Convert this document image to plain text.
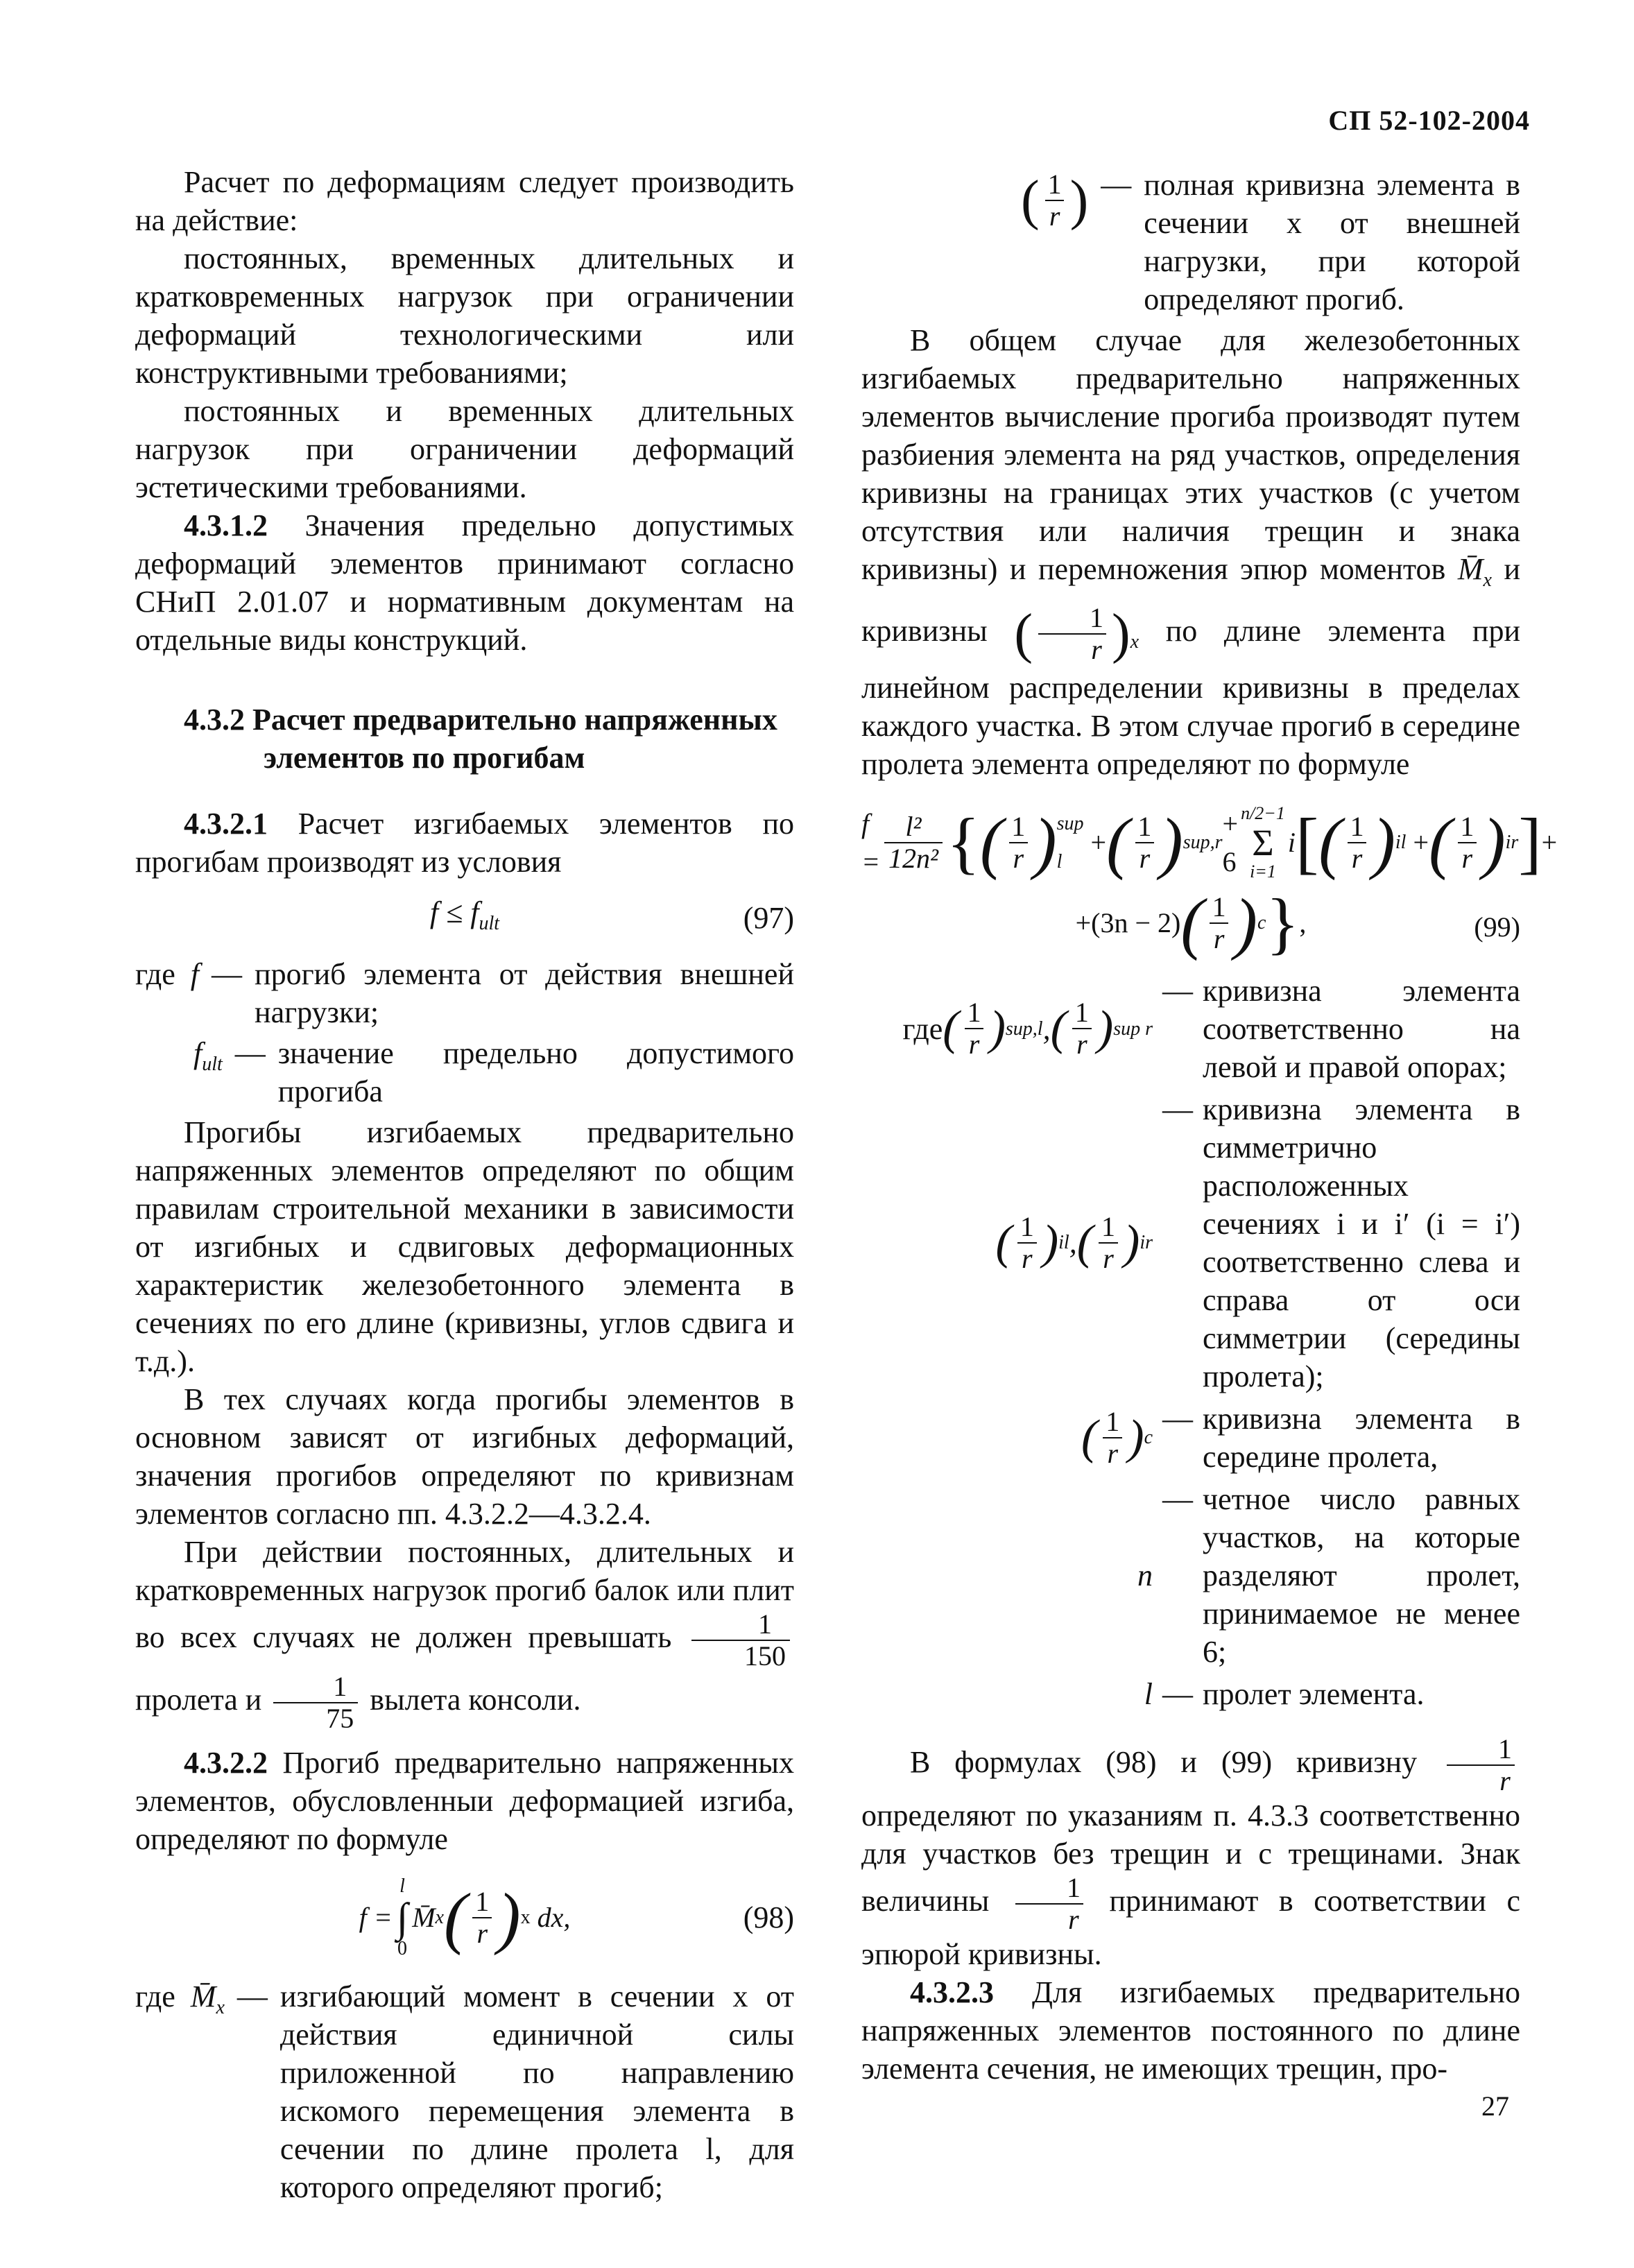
СП 52-102-2004

Расчет по деформациям следует производить на действие:

постоянных, временных длительных и кратковременных нагрузок при ограничении деформаций технологическими или конструктивными требованиями;

постоянных и временных длительных нагрузок при ограничении деформаций эстетическими требованиями.

4.3.1.2 Значения предельно допустимых деформаций элементов принимают согласно СНиП 2.01.07 и нормативным документам на отдельные виды конструкций.

4.3.2 Расчет предварительно напряженных
элементов по прогибам

4.3.2.1 Расчет изгибаемых элементов по прогибам производят из условия

$f \le f_{ult}$	(97)
где f — прогиб элемента от действия внешней нагрузки;
$f_{ult}$ — значение предельно допустимого прогиба

Прогибы изгибаемых предварительно напряженных элементов определяют по общим правилам строительной механики в зависимости от изгибных и сдвиговых деформационных характеристик железобетонного элемента в сечениях по его длине (кривизны, углов сдвига и т.д.).

В тех случаях когда прогибы элементов в основном зависят от изгибных деформаций, значения прогибов определяют по кривизнам элементов согласно пп. 4.3.2.2—4.3.2.4.

При действии постоянных, длительных и кратковременных нагрузок прогиб балок или плит во всех случаях не должен превышать $\frac{1}{150}$
пролета и $\frac{1}{75}$ вылета консоли.

4.3.2.2 Прогиб предварительно напряженных элементов, обусловленныи деформацией изгиба, определяют по формуле

f =
l
∫
0
M̄ x ( $\frac{1}{r}$ ) x
dx,	(98)
где $M̄_x$ — изгибающий момент в сечении x от действия единичной силы приложенной по направлению искомого перемещения элемента в сечении по длине пролета l, для которого определяют прогиб;
( $\frac{1}{r}$ ) — полная кривизна элемента в сечении x от внешней нагрузки, при которой определяют прогиб.

В общем случае для железобетонных изгибаемых предварительно напряженных элементов вычисление прогиба производят путем разбиения элемента на ряд участков, определения кривизны на границах этих участков (с учетом отсутствия или наличия трещин и знака кривизны) и перемножения эпюр моментов $M̄_x$ и кривизны ( $\frac{1}{r} )_x$ по длине элемента при линейном распределении кривизны в пределах каждого участка. В этом случае прогиб в середине пролета элемента определяют по формуле

$f = \frac{\text{l²}}{\text{12n²}}$ { ( $\frac{1}{r}$ ) sup l
+ ( $\frac{1}{r}$ ) sup,r
+ 6
n/2−1
Σ
i=1
i [ ( $\frac{1}{r}$ ) il + ( $\frac{1}{r}$ ) ir ] +
+(3n − 2) ( $\frac{1}{r}$ ) c } ,	(99)
где ( $\frac{1}{r}$ ) sup,l , ( $\frac{1}{r}$ ) sup r
— кривизна элемента соответственно на левой и правой опорах;
( $\frac{1}{r}$ ) il , ( $\frac{1}{r}$ ) ir
— кривизна элемента в симметрично расположенных сечениях i и i′ (i = i′) соответственно слева и справа от оси симметрии (середины пролета);
( $\frac{1}{r}$ ) c
— кривизна элемента в середине пролета,
n
— четное число равных участков, на которые разделяют пролет, принимаемое не менее 6;
l — пролет элемента.

В формулах (98) и (99) кривизну $\frac{1}{r}$
определяют по указаниям п. 4.3.3 соответственно для участков без трещин и с трещинами. Знак величины $\frac{1}{r}$ принимают в соответствии с эпюрой кривизны.

4.3.2.3 Для изгибаемых предварительно напряженных элементов постоянного по длине элемента сечения, не имеющих трещин, про-

27
